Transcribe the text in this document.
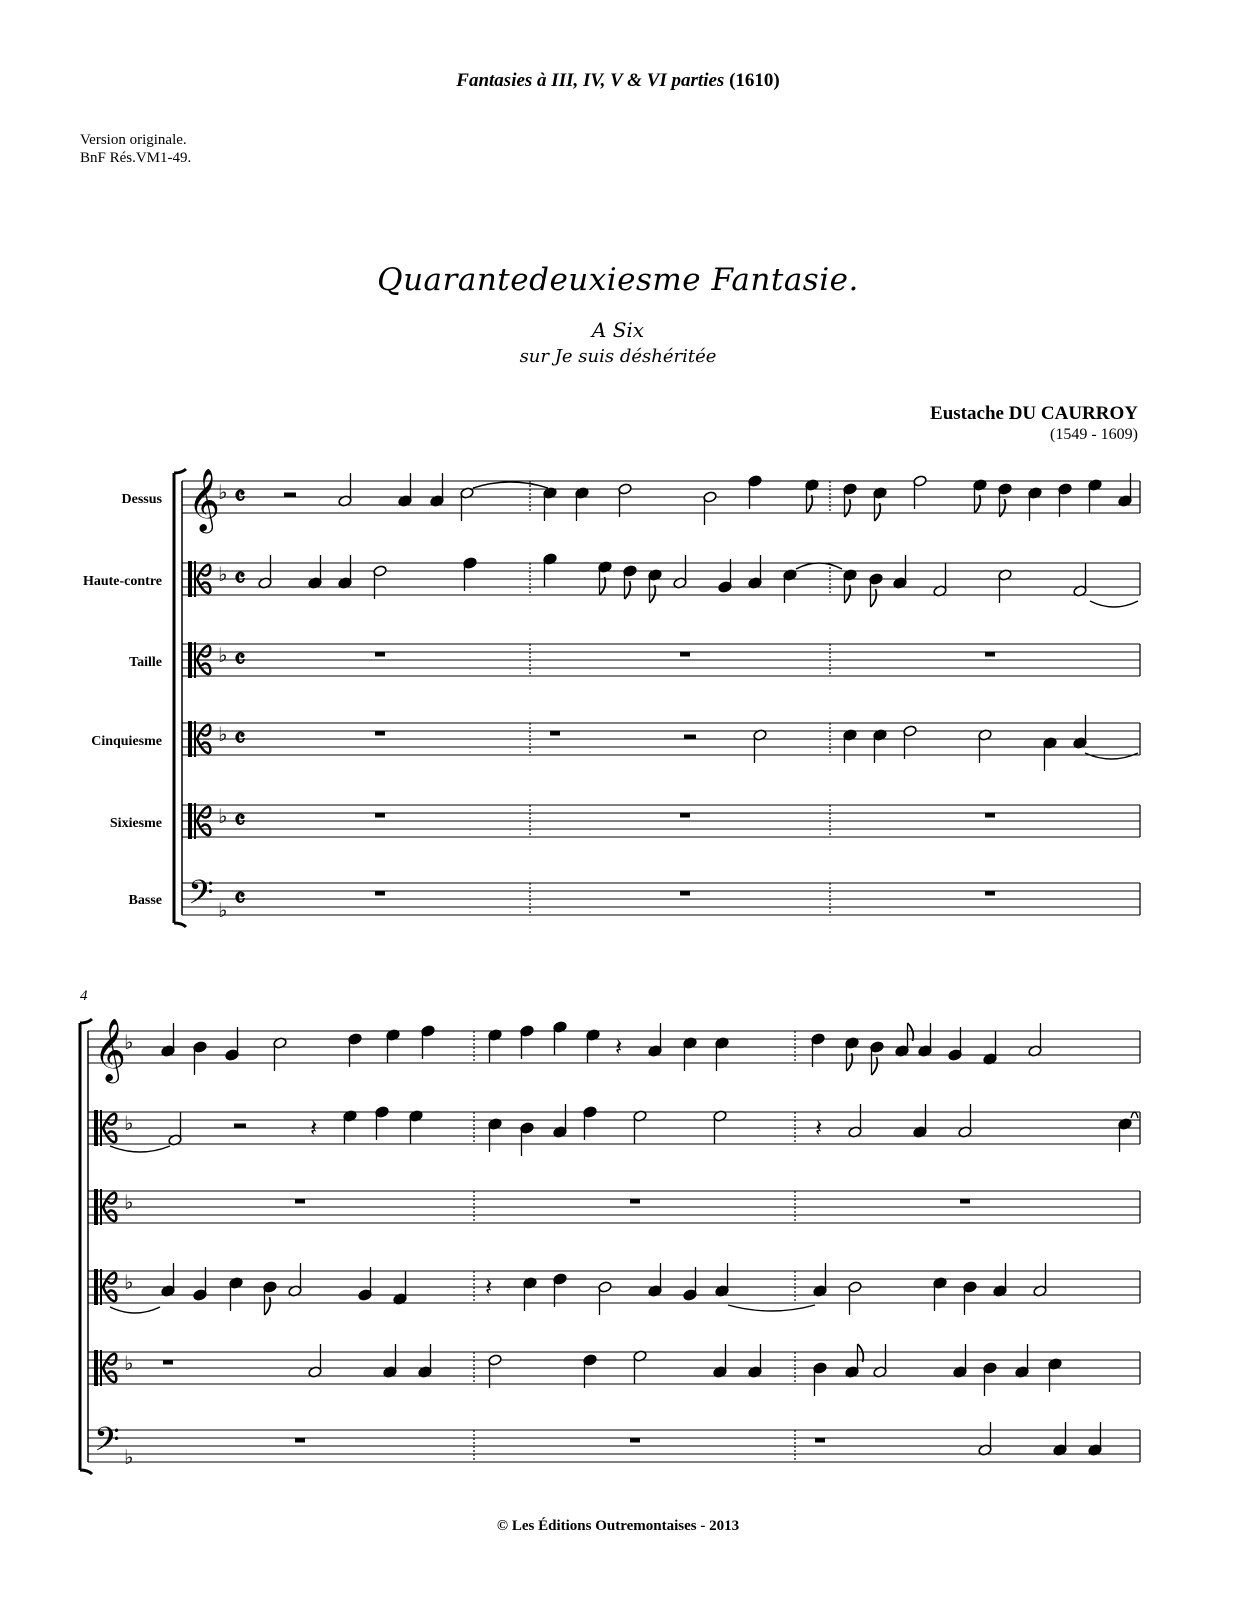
Fantasies à III, IV, V & VI parties (1610)
Version originale.
BnF Rés.VM1-49.
Quarantedeuxiesme Fantasie.
A Six
sur Je suis déshéritée
Eustache DU CAURROY
(1549 - 1609)
Dessus
Haute-contre
Taille
Cinquiesme
Sixiesme
Basse
𝄞
♭ 𝄴
♭ 𝄴
♭ 𝄴
♭ 𝄴
♭ 𝄴
𝄢 ♭ 𝄴
𝄞
♭	𝄽
♭	𝄽	𝄽
♭
♭	𝄽
♭
𝄢 ♭
4
© Les Éditions Outremontaises - 2013
